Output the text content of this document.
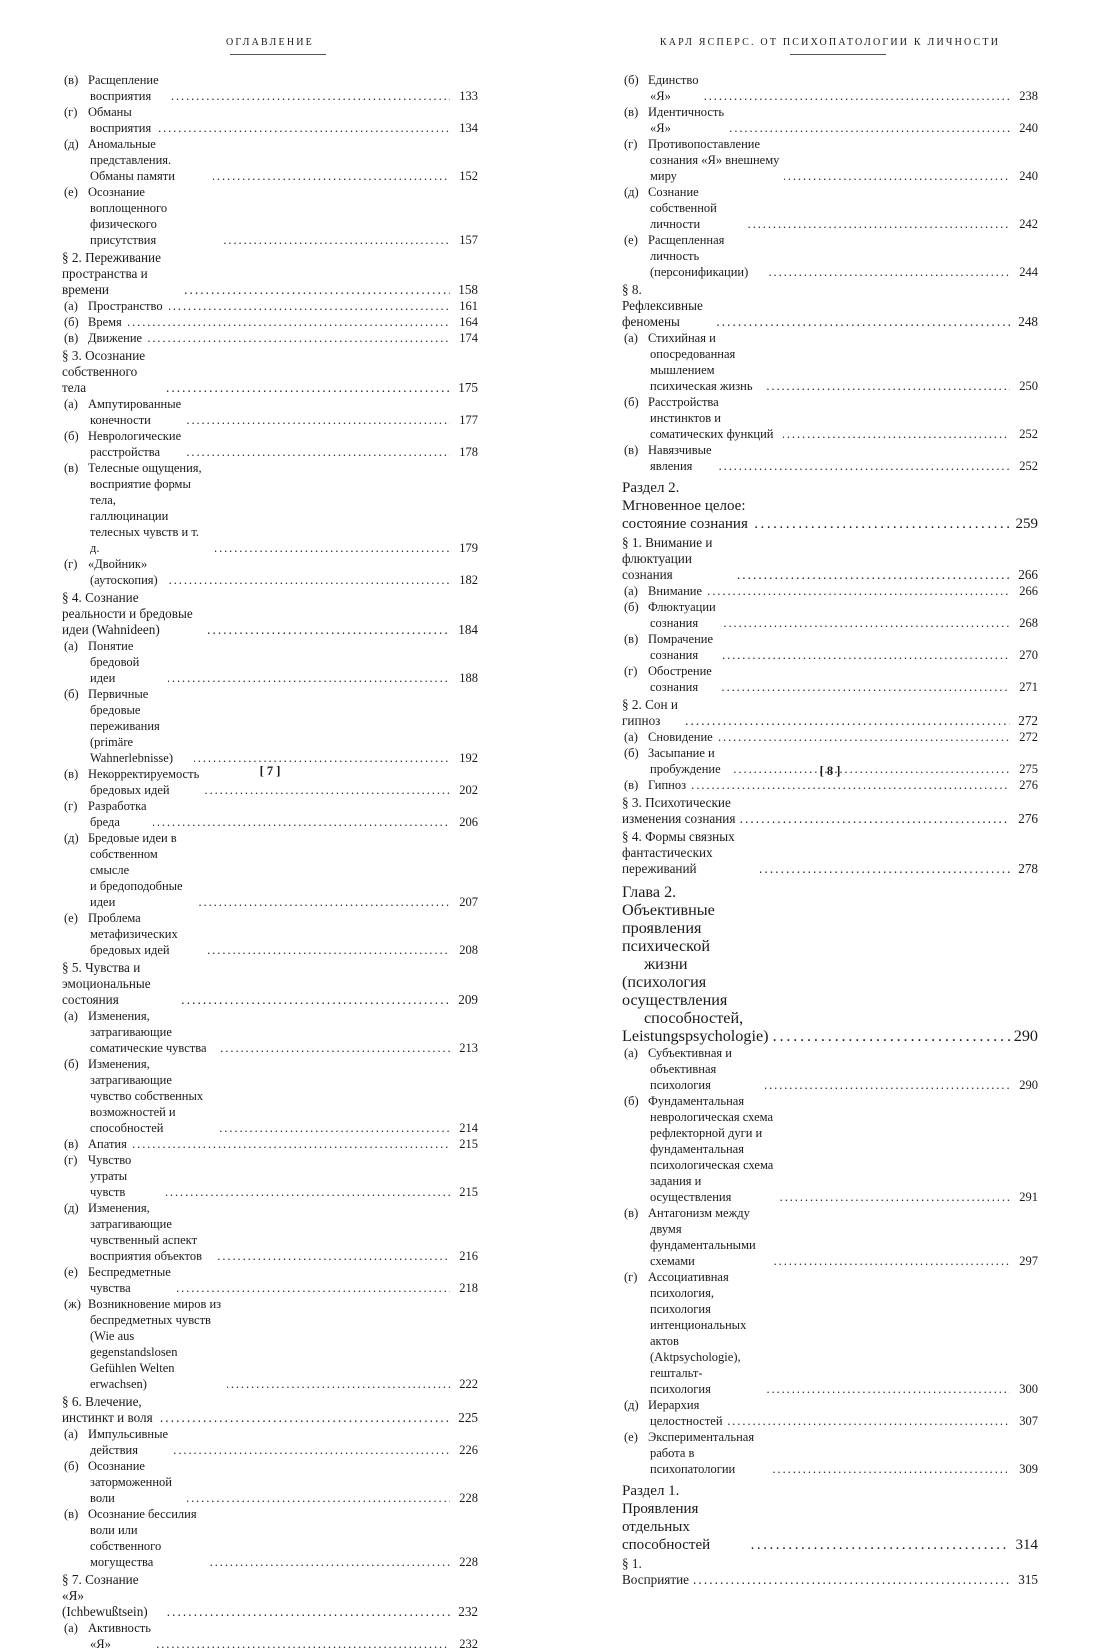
ОГЛАВЛЕНИЕ
(в) Расщепление восприятия . . .	133
(г) Обманы восприятия . . .	134
(д) Аномальные представления. Обманы памяти . . .	152
(е) Осознание воплощенного физического присутствия . . .	157
§ 2. Переживание пространства и времени . . .	158
(а) Пространство . . .	161
(б) Время . . .	164
(в) Движение . . .	174
§ 3. Осознание собственного тела . . .	175
(а) Ампутированные конечности . . .	177
(б) Неврологические расстройства . . .	178
(в) Телесные ощущения, восприятие формы тела,
галлюцинации телесных чувств и т. д. . . .	179
(г) «Двойник» (аутоскопия) . . .	182
§ 4. Сознание реальности и бредовые идеи (Wahnideen) . . .	184
(а) Понятие бредовой идеи . . .	188
(б) Первичные бредовые переживания
(primäre Wahnerlebnisse) . . .	192
(в) Некорректируемость бредовых идей . . .	202
(г) Разработка бреда . . .	206
(д) Бредовые идеи в собственном смысле
и бредоподобные идеи . . .	207
(е) Проблема метафизических бредовых идей . . .	208
§ 5. Чувства и эмоциональные состояния . . .	209
(а) Изменения, затрагивающие соматические чувства . . .	213
(б) Изменения, затрагивающие чувство собственных
возможностей и способностей . . .	214
(в) Апатия . . .	215
(г) Чувство утраты чувств . . .	215
(д) Изменения, затрагивающие чувственный аспект
восприятия объектов . . .	216
(е) Беспредметные чувства . . .	218
(ж) Возникновение миров из беспредметных чувств
(Wie aus gegenstandslosen Gefühlen Welten erwachsen) . . .	222
§ 6. Влечение, инстинкт и воля . . .	225
(а) Импульсивные действия . . .	226
(б) Осознание заторможенной воли . . .	228
(в) Осознание бессилия воли или собственного
могущества . . .	228
§ 7. Сознание «Я» (Ichbewußtsein) . . .	232
(а) Активность «Я» . . .	232
[ 7 ]
КАРЛ ЯСПЕРС. ОТ ПСИХОПАТОЛОГИИ К ЛИЧНОСТИ
(б) Единство «Я» . . .	238
(в) Идентичность «Я» . . .	240
(г) Противопоставление сознания «Я» внешнему миру . . .	240
(д) Сознание собственной личности . . .	242
(е) Расщепленная личность (персонификации) . . .	244
§ 8. Рефлексивные феномены . . .	248
(а) Стихийная и опосредованная мышлением
психическая жизнь . . .	250
(б) Расстройства инстинктов и соматических функций . . .	252
(в) Навязчивые явления . . .	252
Раздел 2. Мгновенное целое: состояние сознания . . .	259
§ 1. Внимание и флюктуации сознания . . .	266
(а) Внимание . . .	266
(б) Флюктуации сознания . . .	268
(в) Помрачение сознания . . .	270
(г) Обострение сознания . . .	271
§ 2. Сон и гипноз . . .	272
(а) Сновидение . . .	272
(б) Засыпание и пробуждение . . .	275
(в) Гипноз . . .	276
§ 3. Психотические изменения сознания . . .	276
§ 4. Формы связных фантастических переживаний . . .	278
Глава 2. Объективные проявления психической
жизни (психология осуществления
способностей, Leistungspsychologie) . . .	290
(а) Субъективная и объективная психология . . .	290
(б) Фундаментальная неврологическая схема
рефлекторной дуги и фундаментальная
психологическая схема задания и осуществления . . .	291
(в) Антагонизм между двумя фундаментальными
схемами . . .	297
(г) Ассоциативная психология, психология
интенциональных актов (Aktpsychologie),
гештальт-психология . . .	300
(д) Иерархия целостностей . . .	307
(е) Экспериментальная работа в психопатологии . . .	309
Раздел 1. Проявления отдельных способностей . . .	314
§ 1. Восприятие . . .	315
[ 8 ]
